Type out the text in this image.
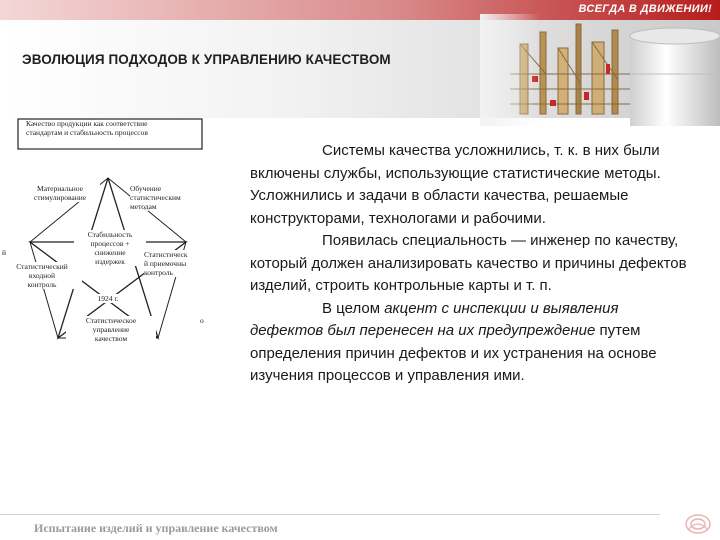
ВСЕГДА В ДВИЖЕНИИ!
ЭВОЛЮЦИЯ ПОДХОДОВ К УПРАВЛЕНИЮ КАЧЕСТВОМ
Качество продукции как соответствие
стандартам и стабильность процессов
Материальное
стимулирование
Обучение
статистическим
методам
Стабильность
процессов +
снижение
издержек
й
Статистический
входной
контроль
Статистическ
й приемочны
контроль
1924 г.
Статистическое
управление
качеством
о

Системы качества усложнились, т. к. в них были включены службы, использующие статистические методы. Усложнились и задачи в области качества, решаемые конструкторами, технологами и рабочими.

Появилась специальность — инженер по качеству, который должен анализировать качество и причины дефектов изделий, строить контрольные карты и т. п.

В целом акцент с инспекции и выявления дефектов был перенесен на их предупреждение путем определения причин дефектов и их устранения на основе изучения процессов и управления ими.

Испытание изделий и управление качеством
